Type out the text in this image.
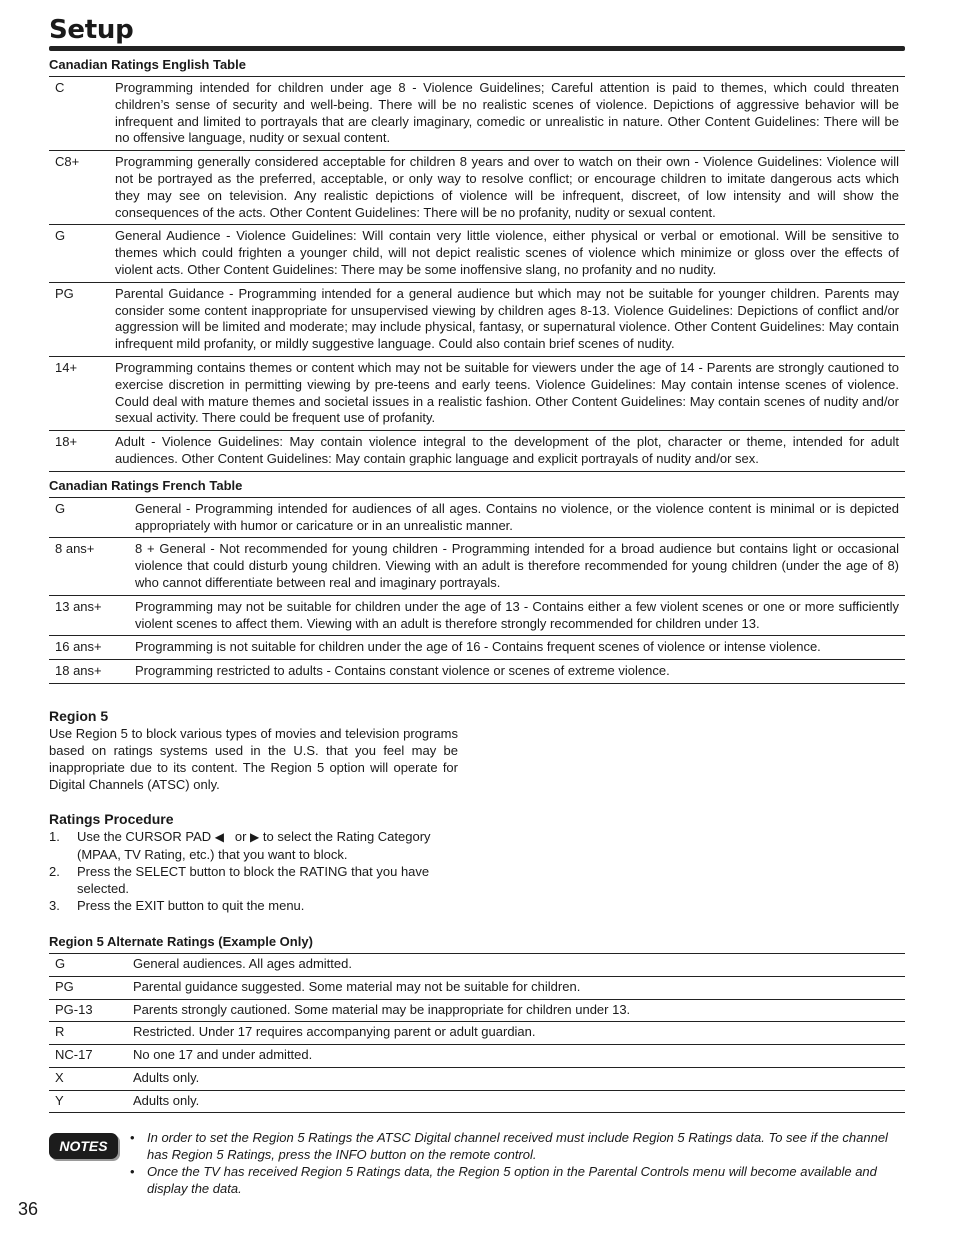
Setup
Canadian Ratings English Table
C	Programming intended for children under age 8 - Violence Guidelines; Careful attention is paid to themes, which could threaten children’s sense of security and well-being. There will be no realistic scenes of violence. Depictions of aggressive behavior will be infrequent and limited to portrayals that are clearly imaginary, comedic or unrealistic in nature. Other Content Guidelines: There will be no offensive language, nudity or sexual content.
C8+	Programming generally considered acceptable for children 8 years and over to watch on their own - Violence Guidelines: Violence will not be portrayed as the preferred, acceptable, or only way to resolve conflict; or encourage children to imitate dangerous acts which they may see on television. Any realistic depictions of violence will be infrequent, discreet, of low intensity and will show the consequences of the acts. Other Content Guidelines: There will be no profanity, nudity or sexual content.
G	General Audience - Violence Guidelines: Will contain very little violence, either physical or verbal or emotional. Will be sensitive to themes which could frighten a younger child, will not depict realistic scenes of violence which minimize or gloss over the effects of violent acts. Other Content Guidelines: There may be some inoffensive slang, no profanity and no nudity.
PG	Parental Guidance - Programming intended for a general audience but which may not be suitable for younger children. Parents may consider some content inappropriate for unsupervised viewing by children ages 8-13. Violence Guidelines: Depictions of conflict and/or aggression will be limited and moderate; may include physical, fantasy, or supernatural violence. Other Content Guidelines: May contain infrequent mild profanity, or mildly suggestive language. Could also contain brief scenes of nudity.
14+	Programming contains themes or content which may not be suitable for viewers under the age of 14 - Parents are strongly cautioned to exercise discretion in permitting viewing by pre-teens and early teens. Violence Guidelines: May contain intense scenes of violence. Could deal with mature themes and societal issues in a realistic fashion. Other Content Guidelines: May contain scenes of nudity and/or sexual activity. There could be frequent use of profanity.
18+	Adult - Violence Guidelines: May contain violence integral to the development of the plot, character or theme, intended for adult audiences. Other Content Guidelines: May contain graphic language and explicit portrayals of nudity and/or sex.
Canadian Ratings French Table
G	General - Programming intended for audiences of all ages. Contains no violence, or the violence content is minimal or is depicted appropriately with humor or caricature or in an unrealistic manner.
8 ans+	8 + General - Not recommended for young children - Programming intended for a broad audience but contains light or occasional violence that could disturb young children. Viewing with an adult is therefore recommended for young children (under the age of 8) who cannot differentiate between real and imaginary portrayals.
13 ans+	Programming may not be suitable for children under the age of 13 - Contains either a few violent scenes or one or more sufficiently violent scenes to affect them. Viewing with an adult is therefore strongly recommended for children under 13.
16 ans+	Programming is not suitable for children under the age of 16 - Contains frequent scenes of violence or intense violence.
18 ans+	Programming restricted to adults - Contains constant violence or scenes of extreme violence.
Region 5

Use Region 5 to block various types of movies and television programs based on ratings systems used in the U.S. that you feel may be inappropriate due to its content. The Region 5 option will operate for Digital Channels (ATSC) only.

Ratings Procedure
1. Use the CURSOR PAD ◀ or ▶ to select the Rating Category (MPAA, TV Rating, etc.) that you want to block.
2. Press the SELECT button to block the RATING that you have selected.
3. Press the EXIT button to quit the menu.
Region 5 Alternate Ratings (Example Only)
G	General audiences. All ages admitted.
PG	Parental guidance suggested. Some material may not be suitable for children.
PG-13	Parents strongly cautioned. Some material may be inappropriate for children under 13.
R	Restricted. Under 17 requires accompanying parent or adult guardian.
NC-17	No one 17 and under admitted.
X	Adults only.
Y	Adults only.
NOTES
• In order to set the Region 5 Ratings the ATSC Digital channel received must include Region 5 Ratings data. To see if the channel has Region 5 Ratings, press the INFO button on the remote control.
• Once the TV has received Region 5 Ratings data, the Region 5 option in the Parental Controls menu will become available and display the data.
36
